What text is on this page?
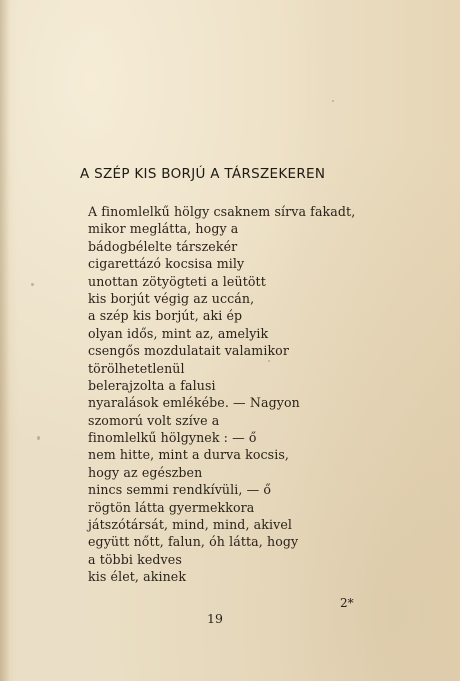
A SZÉP KIS BORJÚ A TÁRSZEKEREN
A finomlelkű hölgy csaknem sírva fakadt,
mikor meglátta, hogy a
bádogbélelte társzekér
cigarettázó kocsisa mily
unottan zötyögteti a leütött
kis borjút végig az uccán,
a szép kis borjút, aki ép
olyan idős, mint az, amelyik
csengős mozdulatait valamikor
törölhetetlenül
belerajzolta a falusi
nyaralások emlékébe. — Nagyon
szomorú volt szíve a
finomlelkű hölgynek : — ő
nem hitte, mint a durva kocsis,
hogy az egészben
nincs semmi rendkívüli, — ő
rögtön látta gyermekkora
játszótársát, mind, mind, akivel
együtt nőtt, falun, óh látta, hogy
a többi kedves
kis élet, akinek
2*
19
